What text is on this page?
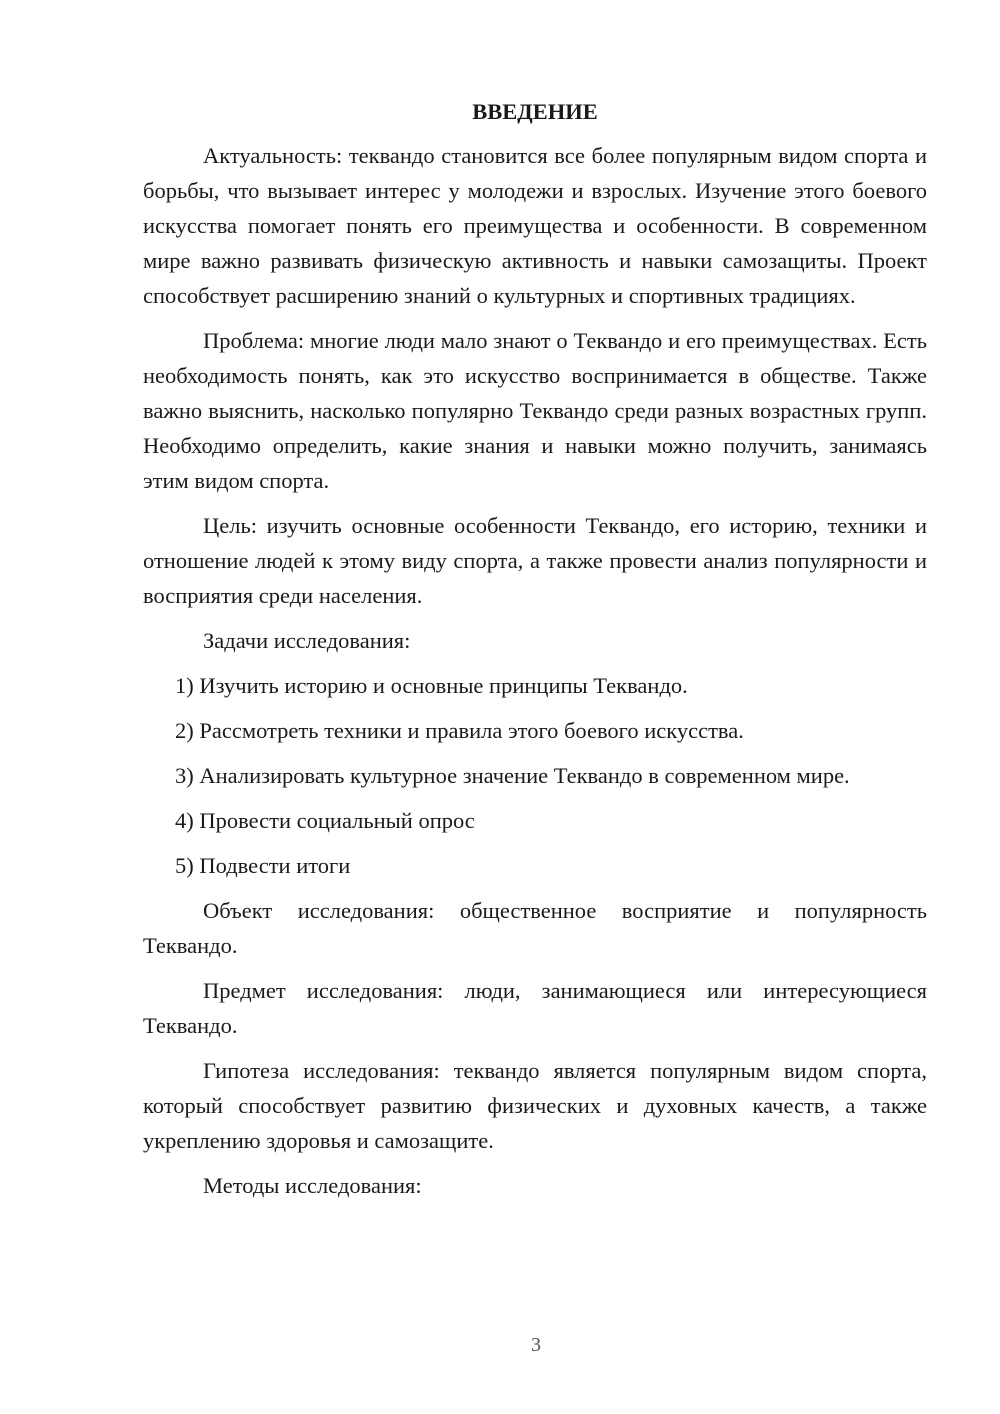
ВВЕДЕНИЕ

Актуальность: тeквандо становится все более популярным видом спорта и борьбы, что вызывает интерес у молодежи и взрослых. Изучение этого боевого искусства помогает понять его преимущества и особенности. В современном мире важно развивать физическую активность и навыки самозащиты. Проект способствует расширению знаний о культурных и спортивных традициях.

Проблема: многие люди мало знают о Теквандо и его преимуществах. Есть необходимость понять, как это искусство воспринимается в обществе. Также важно выяснить, насколько популярно Теквандо среди разных возрастных групп. Необходимо определить, какие знания и навыки можно получить, занимаясь этим видом спорта.

Цель: изучить основные особенности Теквандо, его историю, техники и отношение людей к этому виду спорта, а также провести анализ популярности и восприятия среди населения.

Задачи исследования:

1) Изучить историю и основные принципы Теквандо.

2) Рассмотреть техники и правила этого боевого искусства.

3) Анализировать культурное значение Теквандо в современном мире.

4) Провести социальный опрос

5) Подвести итоги

Объект исследования: общественное восприятие и популярность Теквандо.

Предмет исследования: люди, занимающиеся или интересующиеся Теквандо.

Гипотеза исследования: теквандо является популярным видом спорта, который способствует развитию физических и духовных качеств, а также укреплению здоровья и самозащите.

Методы исследования:

3
